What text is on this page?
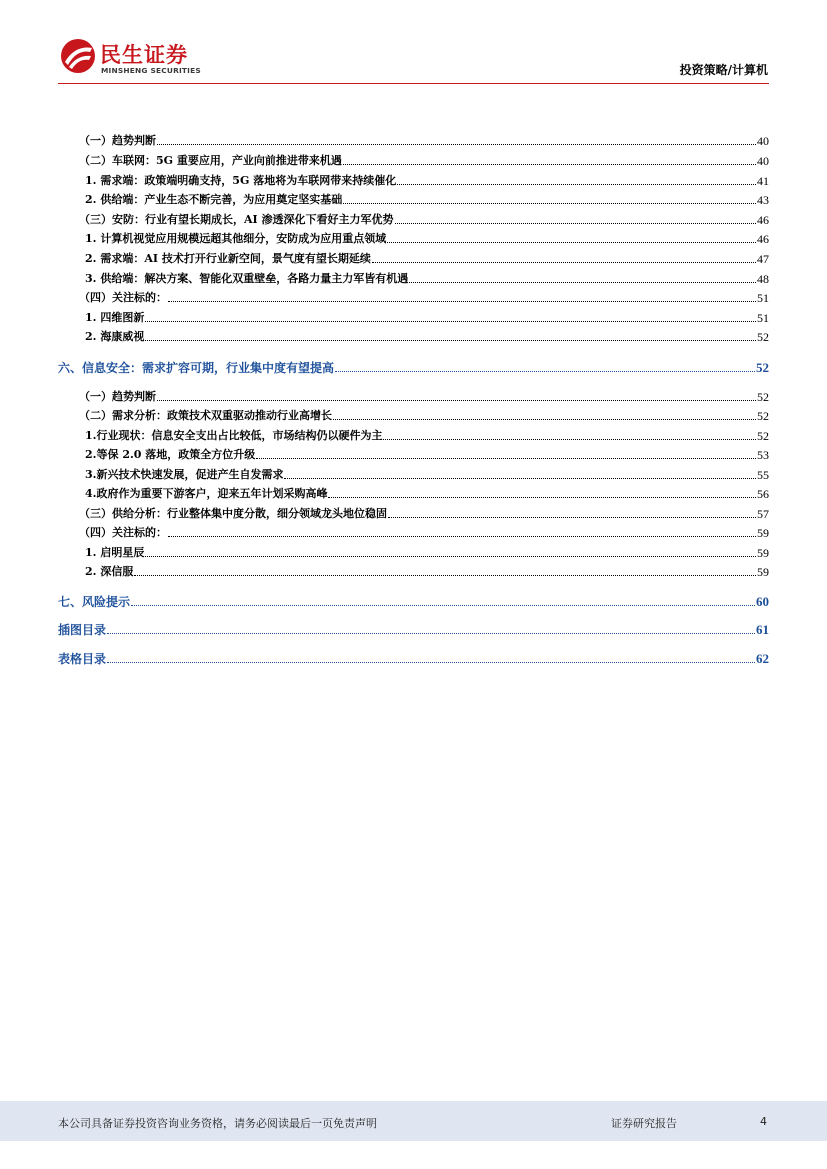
民生证券
MINSHENG SECURITIES	投资策略/计算机
（一）趋势判断	40
（二）车联网：5G 重要应用，产业向前推进带来机遇	40
1. 需求端：政策端明确支持，5G 落地将为车联网带来持续催化	41
2. 供给端：产业生态不断完善，为应用奠定坚实基础	43
（三）安防：行业有望长期成长，AI 渗透深化下看好主力军优势	46
1. 计算机视觉应用规模远超其他细分，安防成为应用重点领域	46
2. 需求端：AI 技术打开行业新空间，景气度有望长期延续	47
3. 供给端：解决方案、智能化双重壁垒，各路力量主力军皆有机遇	48
（四）关注标的：	51
1. 四维图新	51
2. 海康威视	52
六、信息安全：需求扩容可期，行业集中度有望提高	52
（一）趋势判断	52
（二）需求分析：政策技术双重驱动推动行业高增长	52
1.行业现状：信息安全支出占比较低，市场结构仍以硬件为主	52
2.等保 2.0 落地，政策全方位升级	53
3.新兴技术快速发展，促进产生自发需求	55
4.政府作为重要下游客户，迎来五年计划采购高峰	56
（三）供给分析：行业整体集中度分散，细分领域龙头地位稳固	57
（四）关注标的：	59
1. 启明星辰	59
2. 深信服	59
七、风险提示	60
插图目录	61
表格目录	62
本公司具备证券投资咨询业务资格，请务必阅读最后一页免责声明	证券研究报告	4
